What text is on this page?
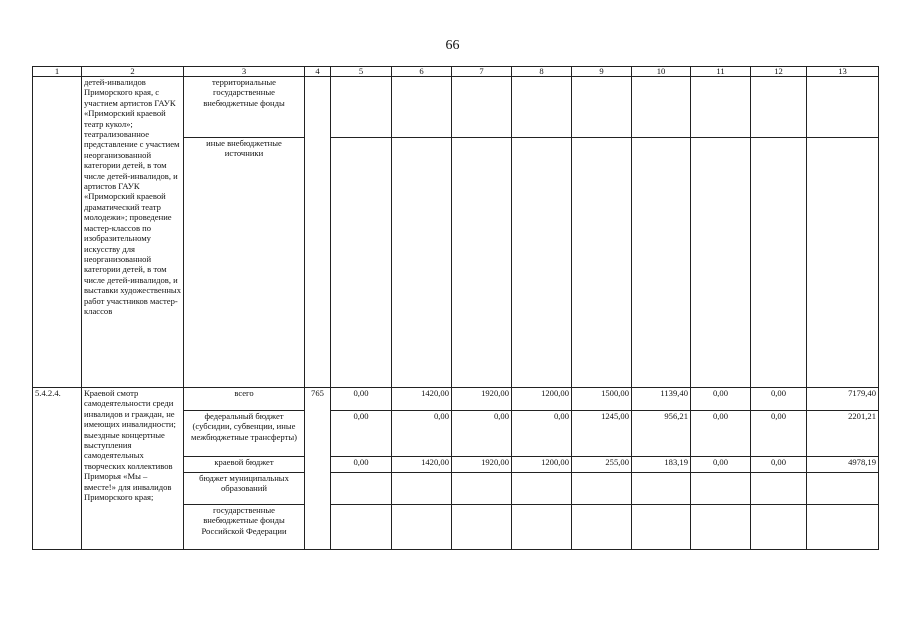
66
1	2	3	4	5	6	7	8	9	10	11	12	13
	детей-инвалидов Приморского края, с участием артистов ГАУК «Приморский краевой театр кукол»; театрализованное представление с участием неорганизованной категории детей, в том числе детей-инвалидов, и артистов ГАУК «Приморский краевой драматический театр молодежи»; проведение мастер-классов по изобразительному искусству для неорганизованной категории детей, в том числе детей-инвалидов, и выставки художественных работ участников мастер-классов	территориальные государственные внебюджетные фонды										
		иные внебюджетные источники										
5.4.2.4.	Краевой смотр самодеятельности среди инвалидов и граждан, не имеющих инвалидности; выездные концертные выступления самодеятельных творческих коллективов Приморья «Мы – вместе!» для инвалидов Приморского края;	всего	765	0,00	1420,00	1920,00	1200,00	1500,00	1139,40	0,00	0,00	7179,40
		федеральный бюджет (субсидии, субвенции, иные межбюджетные трансферты)		0,00	0,00	0,00	0,00	1245,00	956,21	0,00	0,00	2201,21
		краевой бюджет		0,00	1420,00	1920,00	1200,00	255,00	183,19	0,00	0,00	4978,19
		бюджет муниципальных образований										
		государственные внебюджетные фонды Российской Федерации										
